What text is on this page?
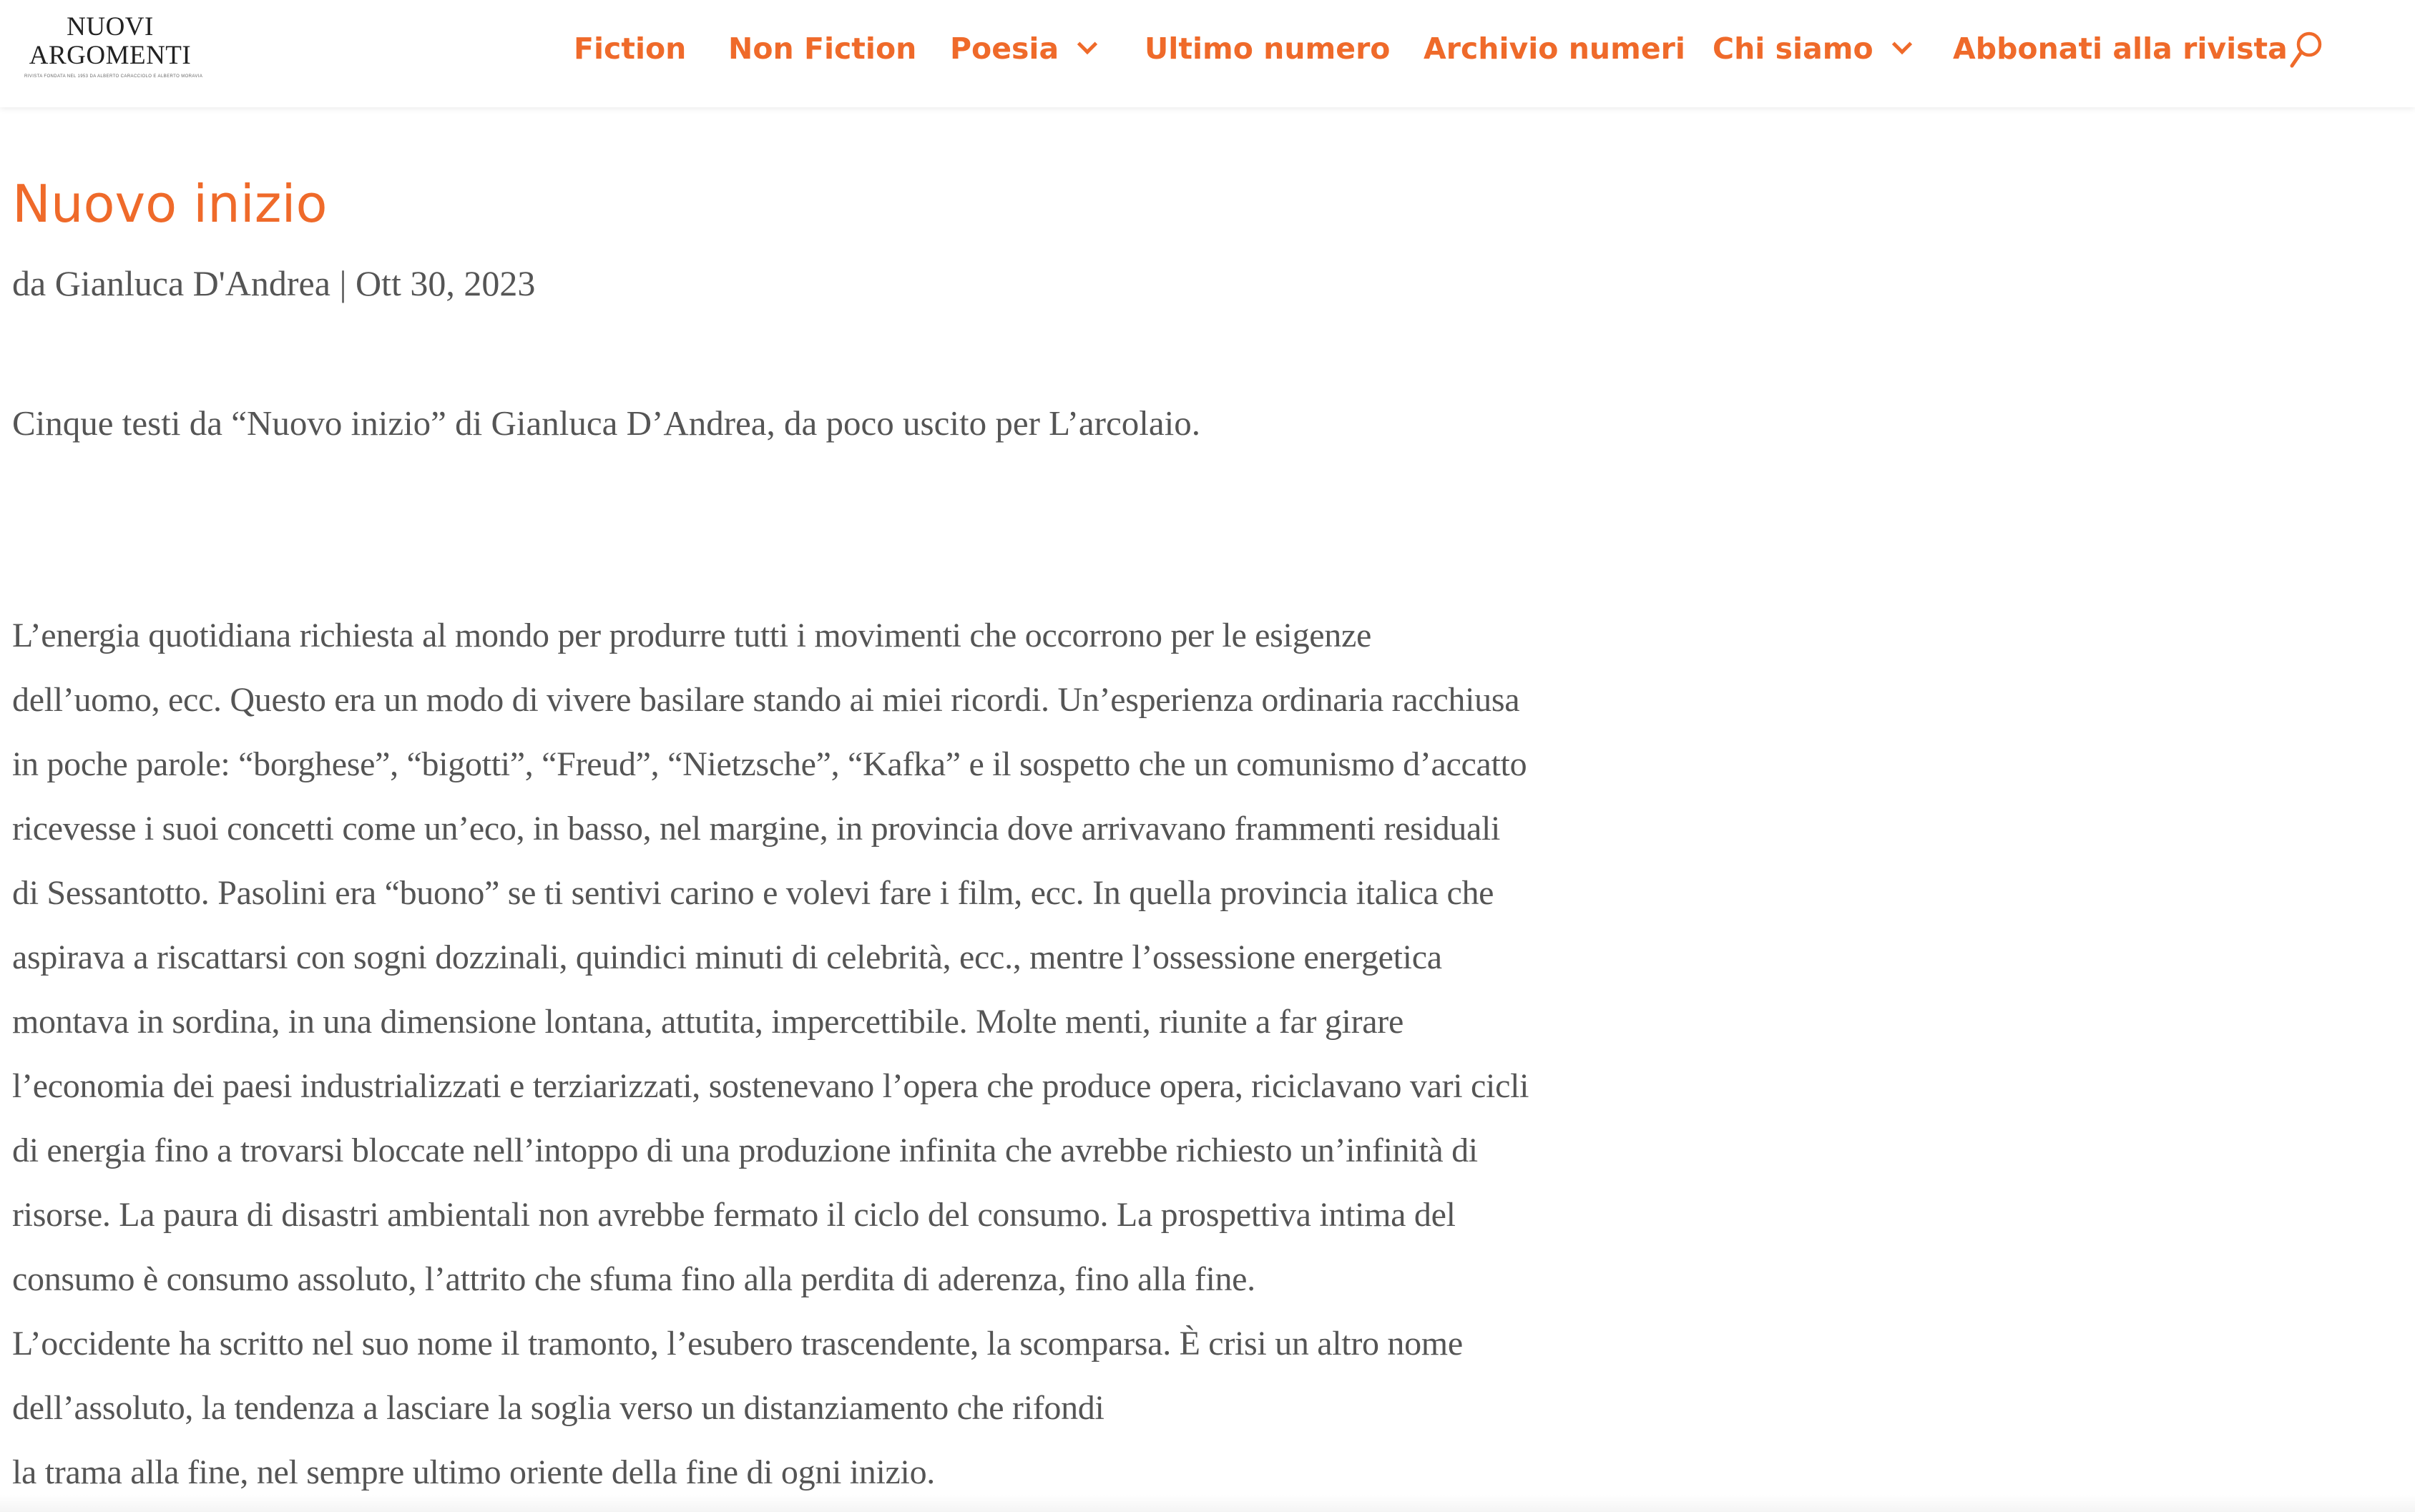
NUOVI
ARGOMENTI
RIVISTA FONDATA NEL 1953 DA ALBERTO CARACCIOLO E ALBERTO MORAVIA
Fiction Non Fiction Poesia	Ultimo numero Archivio numeri Chi siamo	Abbonati alla rivista
Nuovo inizio
da Gianluca D'Andrea | Ott 30, 2023

Cinque testi da “Nuovo inizio” di Gianluca D’Andrea, da poco uscito per L’arcolaio.

L’energia quotidiana richiesta al mondo per produrre tutti i movimenti che occorrono per le esigenze
dell’uomo, ecc. Questo era un modo di vivere basilare stando ai miei ricordi. Un’esperienza ordinaria racchiusa
in poche parole: “borghese”, “bigotti”, “Freud”, “Nietzsche”, “Kafka” e il sospetto che un comunismo d’accatto
ricevesse i suoi concetti come un’eco, in basso, nel margine, in provincia dove arrivavano frammenti residuali
di Sessantotto. Pasolini era “buono” se ti sentivi carino e volevi fare i film, ecc. In quella provincia italica che
aspirava a riscattarsi con sogni dozzinali, quindici minuti di celebrità, ecc., mentre l’ossessione energetica
montava in sordina, in una dimensione lontana, attutita, impercettibile. Molte menti, riunite a far girare
l’economia dei paesi industrializzati e terziarizzati, sostenevano l’opera che produce opera, riciclavano vari cicli
di energia fino a trovarsi bloccate nell’intoppo di una produzione infinita che avrebbe richiesto un’infinità di
risorse. La paura di disastri ambientali non avrebbe fermato il ciclo del consumo. La prospettiva intima del
consumo è consumo assoluto, l’attrito che sfuma fino alla perdita di aderenza, fino alla fine.
L’occidente ha scritto nel suo nome il tramonto, l’esubero trascendente, la scomparsa. È crisi un altro nome
dell’assoluto, la tendenza a lasciare la soglia verso un distanziamento che rifondi
la trama alla fine, nel sempre ultimo oriente della fine di ogni inizio.
